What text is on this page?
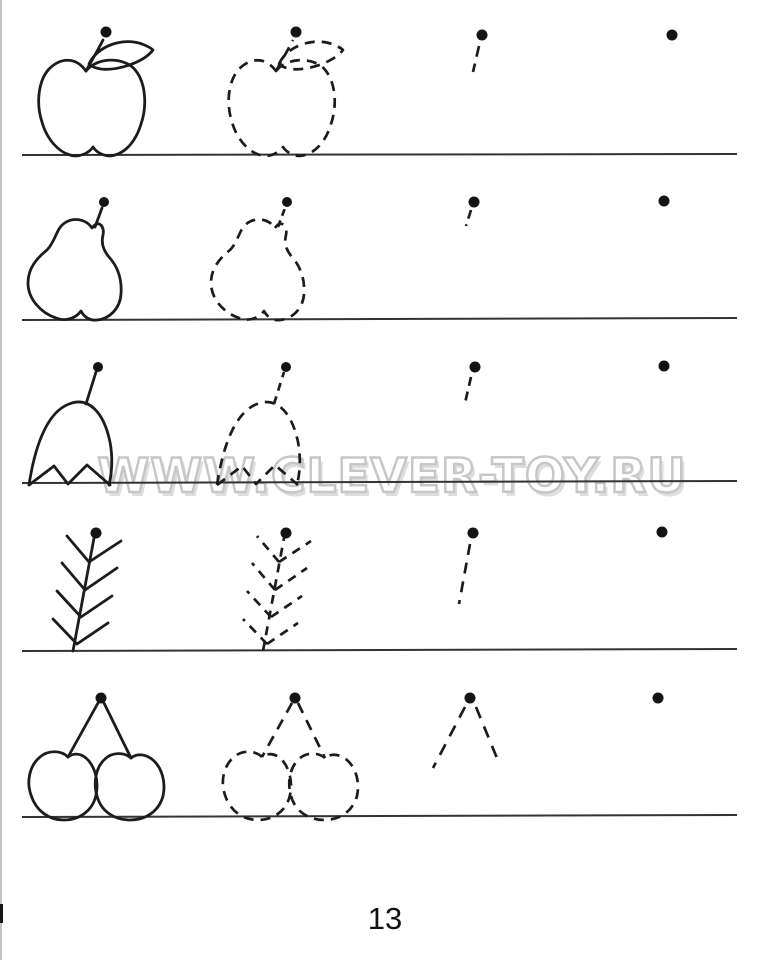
WWW.CLEVER-TOY.RU
13
